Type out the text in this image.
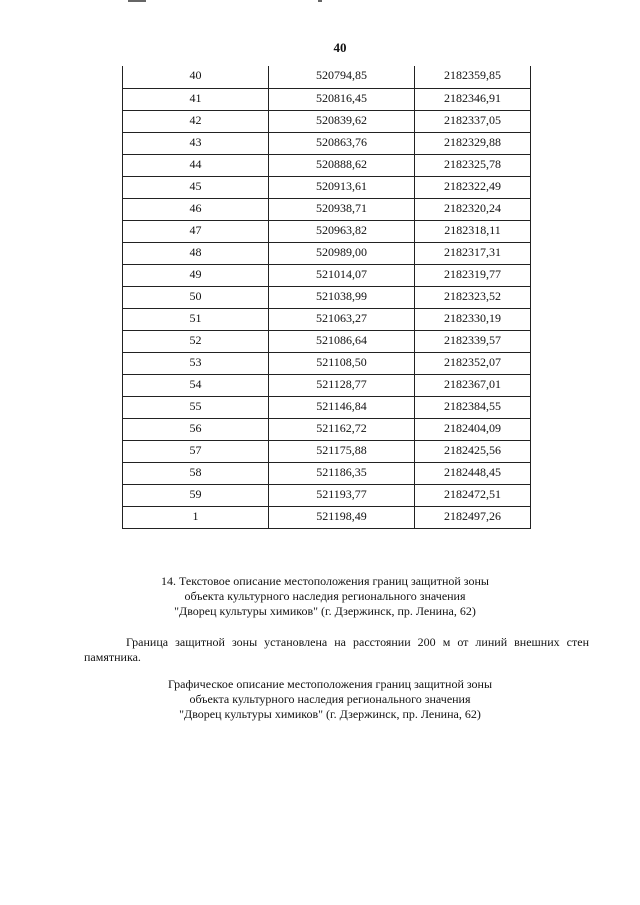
40
40	520794,85	2182359,85
41	520816,45	2182346,91
42	520839,62	2182337,05
43	520863,76	2182329,88
44	520888,62	2182325,78
45	520913,61	2182322,49
46	520938,71	2182320,24
47	520963,82	2182318,11
48	520989,00	2182317,31
49	521014,07	2182319,77
50	521038,99	2182323,52
51	521063,27	2182330,19
52	521086,64	2182339,57
53	521108,50	2182352,07
54	521128,77	2182367,01
55	521146,84	2182384,55
56	521162,72	2182404,09
57	521175,88	2182425,56
58	521186,35	2182448,45
59	521193,77	2182472,51
1	521198,49	2182497,26
14. Текстовое описание местоположения границ защитной зоны
объекта культурного наследия регионального значения
"Дворец культуры химиков" (г. Дзержинск, пр. Ленина, 62)
Граница защитной зоны установлена на расстоянии 200 м от линий внешних стен памятника.
Графическое описание местоположения границ защитной зоны
объекта культурного наследия регионального значения
"Дворец культуры химиков" (г. Дзержинск, пр. Ленина, 62)
